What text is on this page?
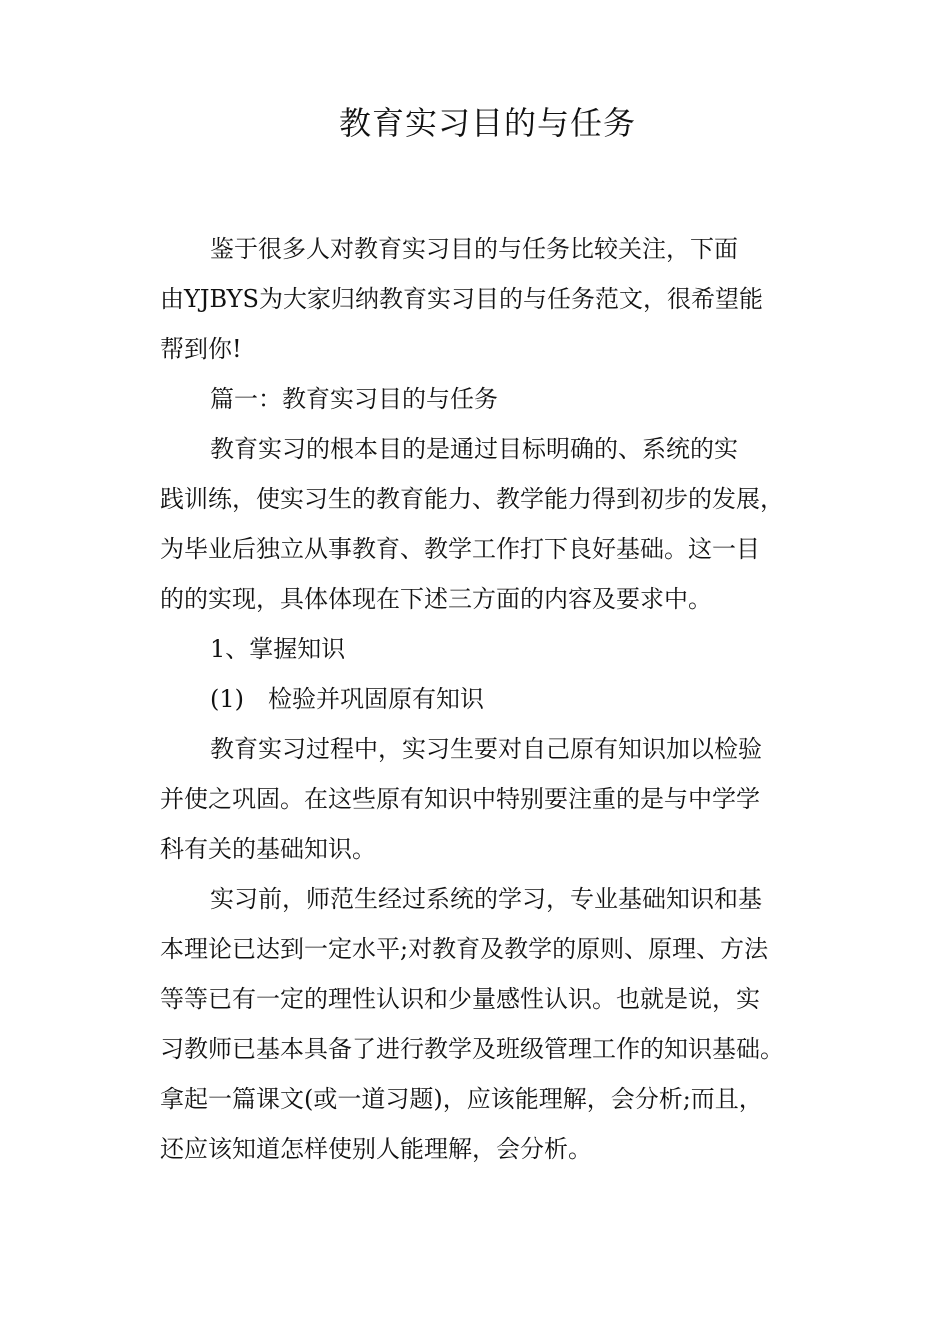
教育实习目的与任务
鉴于很多人对教育实习目的与任务比较关注，下面
由YJBYS为大家归纳教育实习目的与任务范文，很希望能
帮到你!
篇一：教育实习目的与任务
教育实习的根本目的是通过目标明确的、系统的实
践训练，使实习生的教育能力、教学能力得到初步的发展，
为毕业后独立从事教育、教学工作打下良好基础。这一目
的的实现，具体体现在下述三方面的内容及要求中。
1、掌握知识
(1)　检验并巩固原有知识
教育实习过程中，实习生要对自己原有知识加以检验
并使之巩固。在这些原有知识中特别要注重的是与中学学
科有关的基础知识。
实习前，师范生经过系统的学习，专业基础知识和基
本理论已达到一定水平;对教育及教学的原则、原理、方法
等等已有一定的理性认识和少量感性认识。也就是说，实
习教师已基本具备了进行教学及班级管理工作的知识基础。
拿起一篇课文(或一道习题)，应该能理解，会分析;而且，
还应该知道怎样使别人能理解，会分析。
